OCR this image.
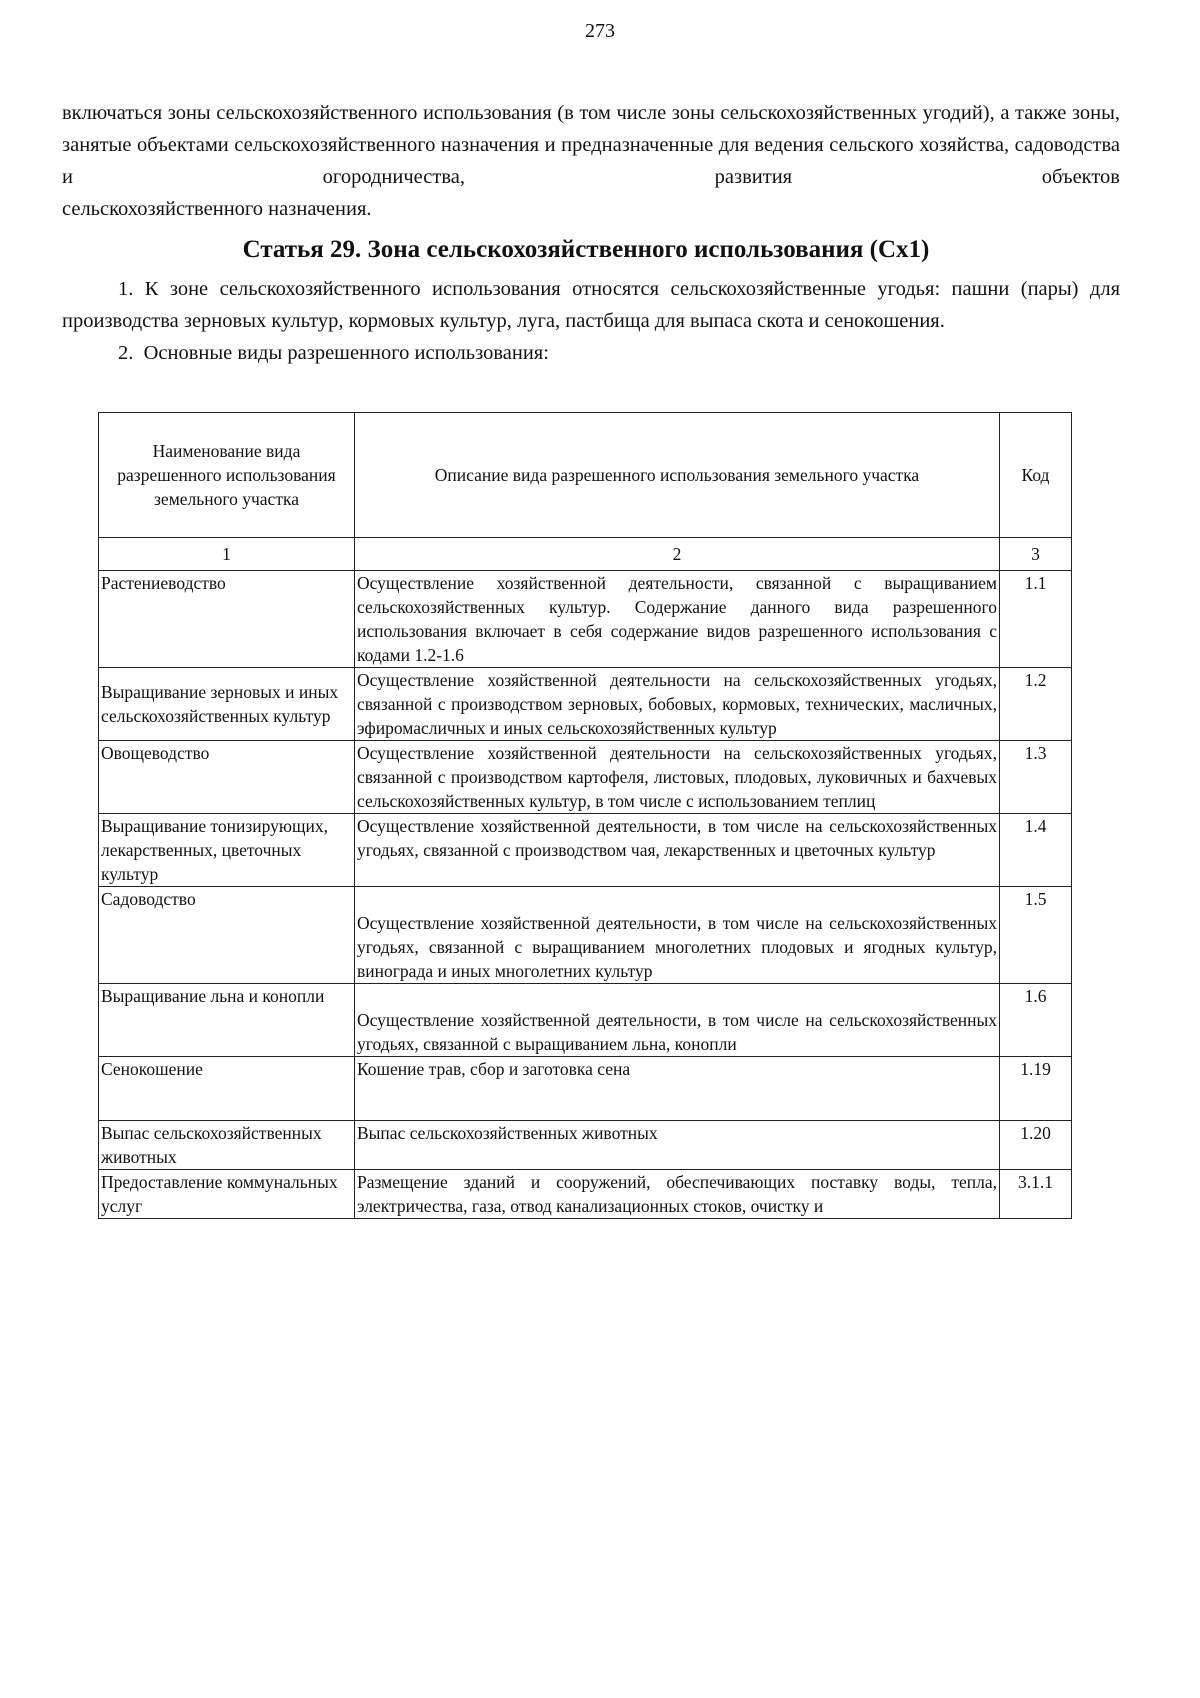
273

включаться зоны сельскохозяйственного использования (в том числе зоны сельскохозяйственных угодий), а также зоны, занятые объектами сельскохозяйственного назначения и предназначенные для ведения сельского хозяйства, садоводства и огородничества, развития объектов

сельскохозяйственного назначения.

Статья 29. Зона сельскохозяйственного использования (Сх1)

1. К зоне сельскохозяйственного использования относятся сельскохозяйственные угодья: пашни (пары) для производства зерновых культур, кормовых культур, луга, пастбища для выпаса скота и сенокошения.

2.  Основные виды разрешенного использования:

Наименование вида разрешенного использования земельного участка	Описание вида разрешенного использования земельного участка	Код
1	2	3
Растениеводство	Осуществление хозяйственной деятельности, связанной с выращиванием сельскохозяйственных культур. Содержание данного вида разрешенного использования включает в себя содержание видов разрешенного использования с кодами 1.2-1.6	1.1
Выращивание зерновых и иных сельскохозяйственных культур	Осуществление хозяйственной деятельности на сельскохозяйственных угодьях, связанной с производством зерновых, бобовых, кормовых, технических, масличных, эфиромасличных и иных сельскохозяйственных культур	1.2
Овощеводство	Осуществление хозяйственной деятельности на сельскохозяйственных угодьях, связанной с производством картофеля, листовых, плодовых, луковичных и бахчевых сельскохозяйственных культур, в том числе с использованием теплиц	1.3
Выращивание тонизирующих, лекарственных, цветочных культур	Осуществление хозяйственной деятельности, в том числе на сельскохозяйственных угодьях, связанной с производством чая, лекарственных и цветочных культур	1.4
Садоводство	Осуществление хозяйственной деятельности, в том числе на сельскохозяйственных угодьях, связанной с выращиванием многолетних плодовых и ягодных культур, винограда и иных многолетних культур	1.5
Выращивание льна и конопли	Осуществление хозяйственной деятельности, в том числе на сельскохозяйственных угодьях, связанной с выращиванием льна, конопли	1.6
Сенокошение	Кошение трав, сбор и заготовка сена	1.19
Выпас сельскохозяйственных животных	Выпас сельскохозяйственных животных	1.20
Предоставление коммунальных услуг	Размещение зданий и сооружений, обеспечивающих поставку воды, тепла, электричества, газа, отвод канализационных стоков, очистку и	3.1.1
